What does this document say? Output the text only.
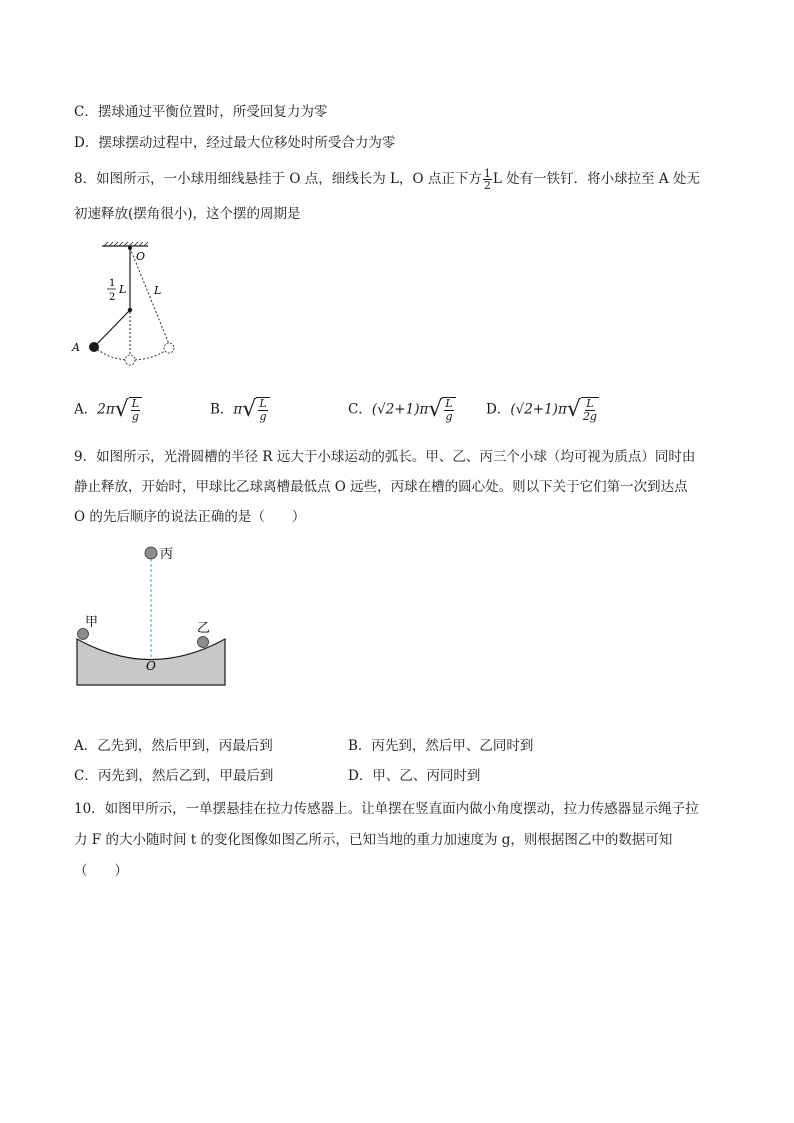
C．摆球通过平衡位置时，所受回复力为零
D．摆球摆动过程中，经过最大位移处时所受合力为零
8．如图所示，一小球用细线悬挂于 O 点，细线长为 L，O 点正下方 $\frac{1}{2}$ L 处有一铁钉．将小球拉至 A 处无
初速释放(摆角很小)，这个摆的周期是
O
1
2
L	L
A
A．2π √ $\frac{L}{g}$	B．π √ $\frac{L}{g}$	C．(√2+1)π √ $\frac{L}{g}$ D．(√2+1)π √ $\frac{L}{2g}$
9．如图所示，光滑圆槽的半径 R 远大于小球运动的弧长。甲、乙、丙三个小球（均可视为质点）同时由
静止释放，开始时，甲球比乙球离槽最低点 O 远些，丙球在槽的圆心处。则以下关于它们第一次到达点
O 的先后顺序的说法正确的是（　　）
丙
甲	乙
O
A．乙先到，然后甲到，丙最后到	B．丙先到，然后甲、乙同时到
C．丙先到，然后乙到，甲最后到	D．甲、乙、丙同时到
10．如图甲所示，一单摆悬挂在拉力传感器上。让单摆在竖直面内做小角度摆动，拉力传感器显示绳子拉
力 F 的大小随时间 t 的变化图像如图乙所示，已知当地的重力加速度为 g，则根据图乙中的数据可知
（　　）
